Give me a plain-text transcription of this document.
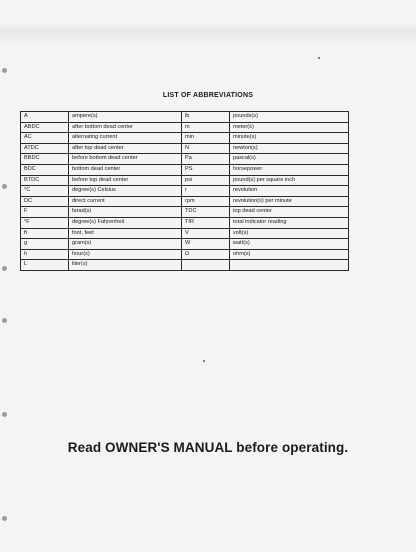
LIST OF ABBREVIATIONS
A	ampere(s)	lb	pounds(s)
ABDC	after bottom dead center	m	meter(s)
AC	alternating current	min	minute(s)
ATDC	after top dead center	N	newton(s)
BBDC	before bottom dead center	Pa	pascal(s)
BDC	bottom dead center	PS	horsepower
BTDC	before top dead center	psi	pound(s) per square inch
°C	degree(s) Celsius	r	revolution
DC	direct current	rpm	revolution(s) per minute
F	farad(s)	TDC	top dead center
°F	degree(s) Fahrenheit	TIR	total indicator reading
ft	foot, feet	V	volt(s)
g	gram(s)	W	watt(s)
h	hour(s)	Ω	ohm(s)
L	liter(s)		
Read OWNER'S MANUAL before operating.
